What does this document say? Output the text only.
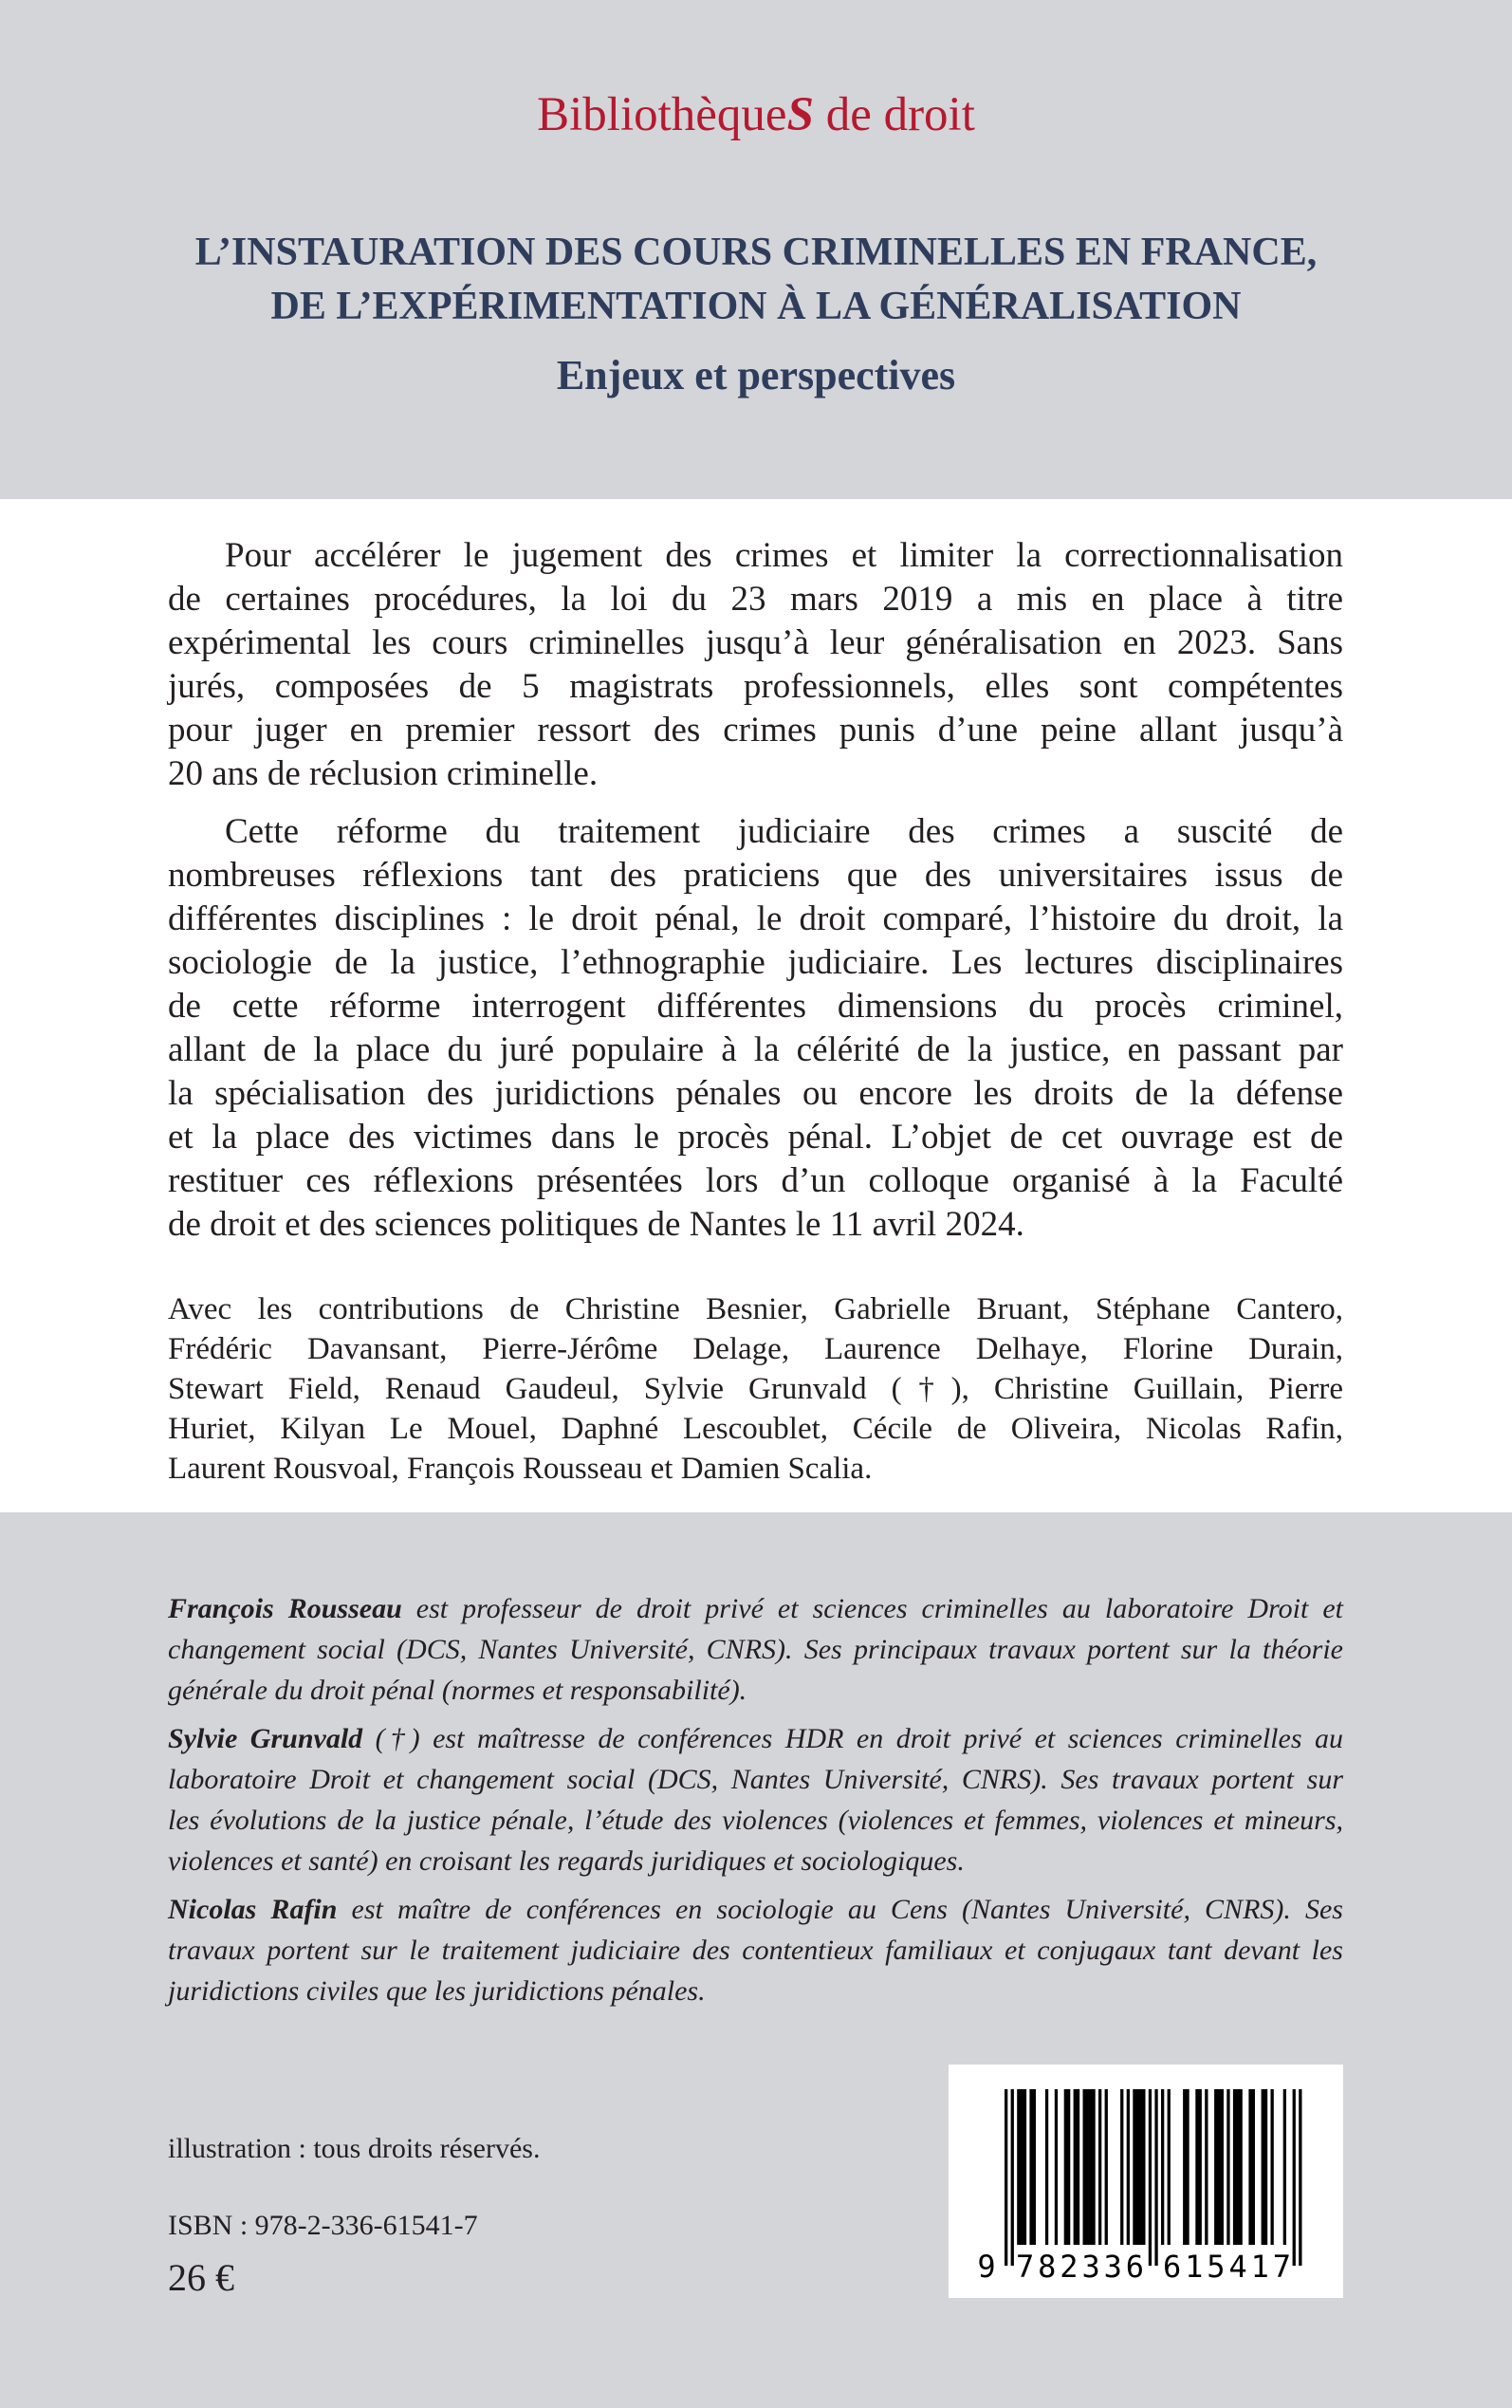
BibliothèqueS de droit
L’INSTAURATION DES COURS CRIMINELLES EN FRANCE,
DE L’EXPÉRIMENTATION À LA GÉNÉRALISATION
Enjeux et perspectives
Pour accélérer le jugement des crimes et limiter la correctionnalisation
de certaines procédures, la loi du 23 mars 2019 a mis en place à titre
expérimental les cours criminelles jusqu’à leur généralisation en 2023. Sans
jurés, composées de 5 magistrats professionnels, elles sont compétentes
pour juger en premier ressort des crimes punis d’une peine allant jusqu’à
20 ans de réclusion criminelle.
Cette réforme du traitement judiciaire des crimes a suscité de
nombreuses réflexions tant des praticiens que des universitaires issus de
différentes disciplines : le droit pénal, le droit comparé, l’histoire du droit, la
sociologie de la justice, l’ethnographie judiciaire. Les lectures disciplinaires
de cette réforme interrogent différentes dimensions du procès criminel,
allant de la place du juré populaire à la célérité de la justice, en passant par
la spécialisation des juridictions pénales ou encore les droits de la défense
et la place des victimes dans le procès pénal. L’objet de cet ouvrage est de
restituer ces réflexions présentées lors d’un colloque organisé à la Faculté
de droit et des sciences politiques de Nantes le 11 avril 2024.
Avec les contributions de Christine Besnier, Gabrielle Bruant, Stéphane Cantero,
Frédéric Davansant, Pierre-Jérôme Delage, Laurence Delhaye, Florine Durain,
Stewart Field, Renaud Gaudeul, Sylvie Grunvald (†), Christine Guillain, Pierre
Huriet, Kilyan Le Mouel, Daphné Lescoublet, Cécile de Oliveira, Nicolas Rafin,
Laurent Rousvoal, François Rousseau et Damien Scalia.
François Rousseau est professeur de droit privé et sciences criminelles au laboratoire Droit et
changement social (DCS, Nantes Université, CNRS). Ses principaux travaux portent sur la théorie
générale du droit pénal (normes et responsabilité).
Sylvie Grunvald (†) est maîtresse de conférences HDR en droit privé et sciences criminelles au
laboratoire Droit et changement social (DCS, Nantes Université, CNRS). Ses travaux portent sur
les évolutions de la justice pénale, l’étude des violences (violences et femmes, violences et mineurs,
violences et santé) en croisant les regards juridiques et sociologiques.
Nicolas Rafin est maître de conférences en sociologie au Cens (Nantes Université, CNRS). Ses
travaux portent sur le traitement judiciaire des contentieux familiaux et conjugaux tant devant les
juridictions civiles que les juridictions pénales.
illustration : tous droits réservés.
ISBN : 978-2-336-61541-7
26 €	9 782336 615417
